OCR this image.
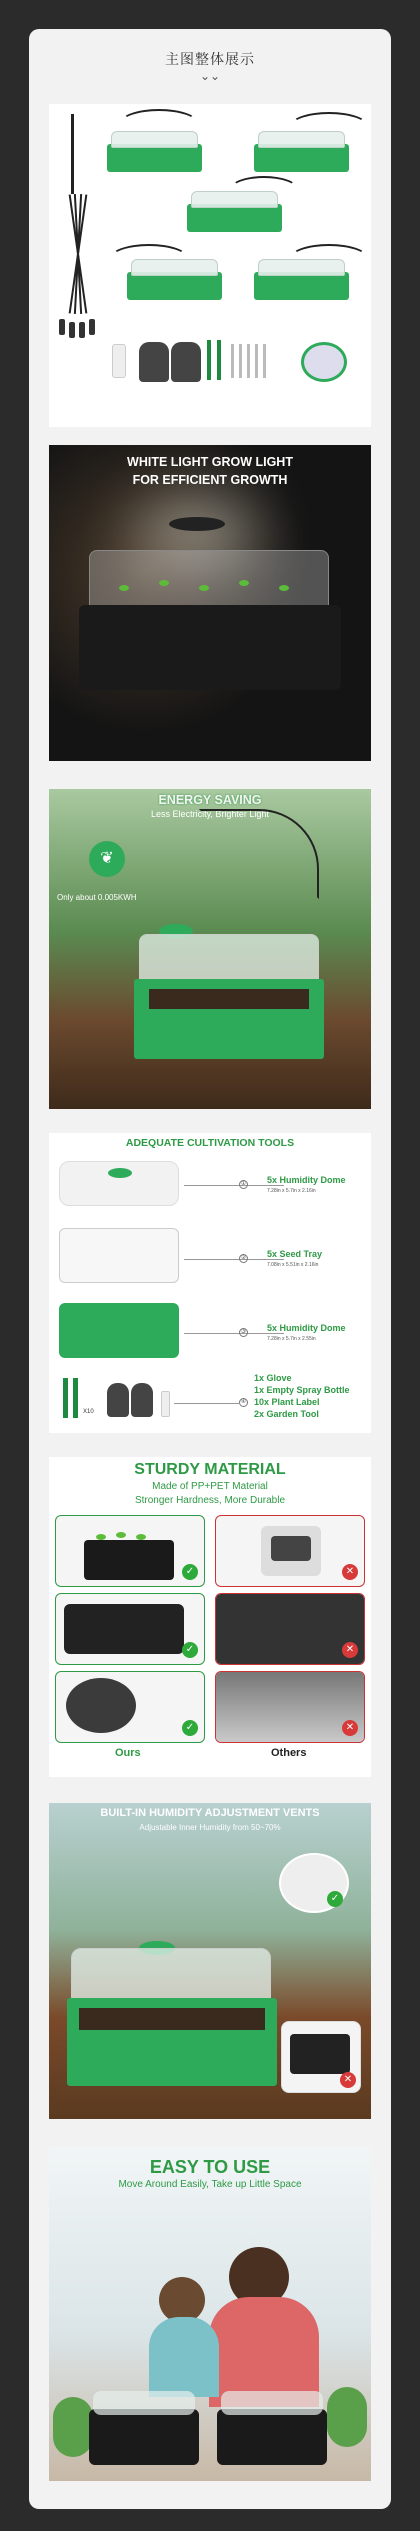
主图整体展示
⌄⌄
WHITE LIGHT GROW LIGHT
FOR EFFICIENT GROWTH
ENERGY SAVING
Less Electricity, Brighter Light
❦
Only about 0.005KWH
ADEQUATE CULTIVATION TOOLS
① 5x Humidity Dome
7.28in x 5.7in x 2.16in
② 5x Seed Tray
7.08in x 5.51in x 2.16in
③ 5x Humidity Dome
7.28in x 5.7in x 2.55in
X10
④
1x Glove
1x Empty Spray Bottle
10x Plant Label
2x Garden Tool
STURDY MATERIAL
Made of PP+PET Material
Stronger Hardness, More Durable
✓	✕
✓	✕
✓	✕
Ours	Others
BUILT-IN HUMIDITY ADJUSTMENT VENTS
Adjustable Inner Humidity from 50~70%
✓
✕
EASY TO USE
Move Around Easily, Take up Little Space
